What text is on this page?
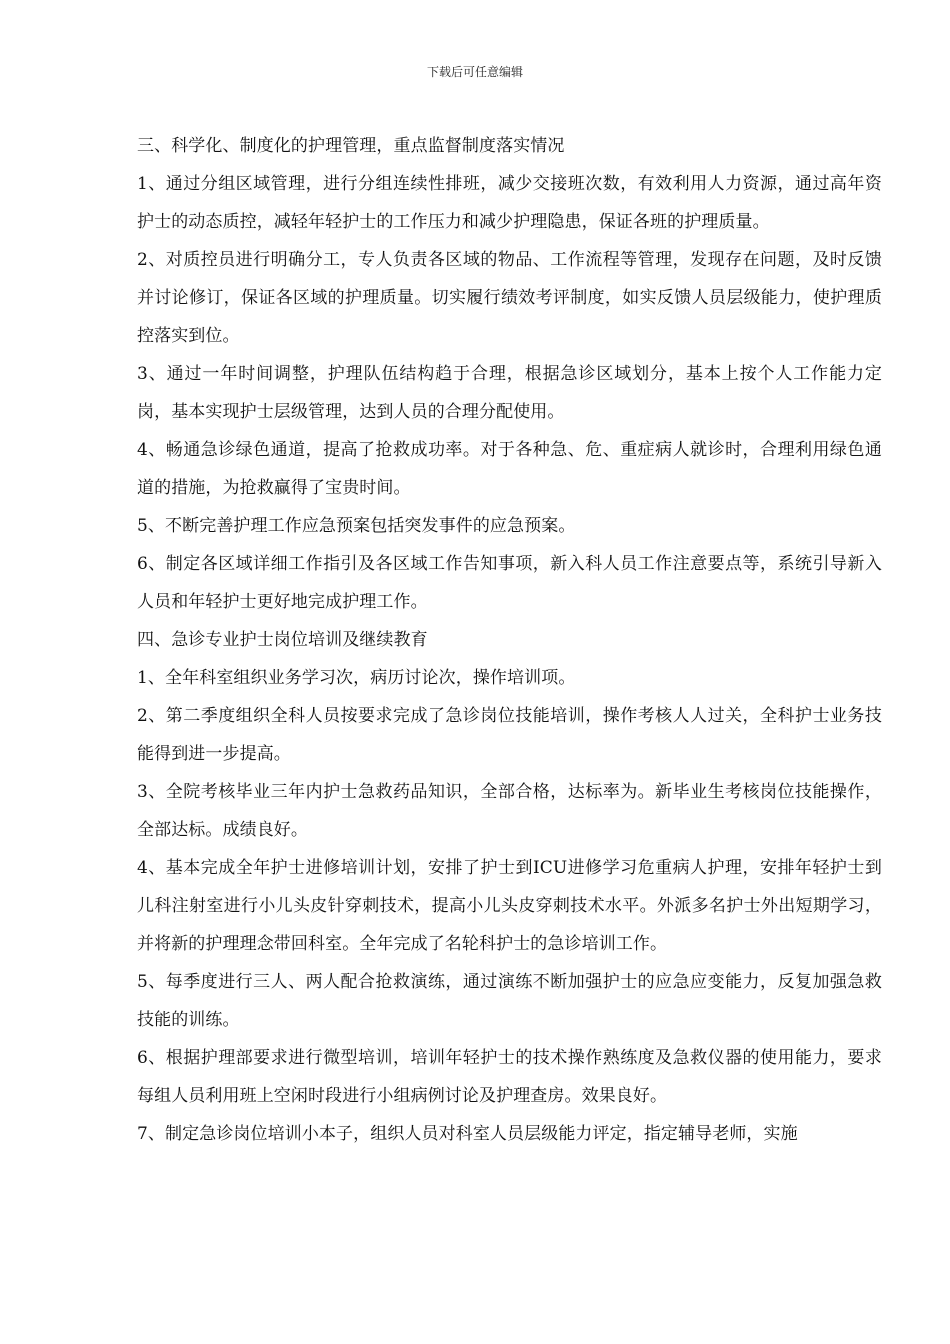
下载后可任意编辑

三、科学化、制度化的护理管理，重点监督制度落实情况

1、通过分组区域管理，进行分组连续性排班，减少交接班次数，有效利用人力资源，通过高年资护士的动态质控，减轻年轻护士的工作压力和减少护理隐患，保证各班的护理质量。

2、对质控员进行明确分工，专人负责各区域的物品、工作流程等管理，发现存在问题，及时反馈并讨论修订，保证各区域的护理质量。切实履行绩效考评制度，如实反馈人员层级能力，使护理质控落实到位。

3、通过一年时间调整，护理队伍结构趋于合理，根据急诊区域划分，基本上按个人工作能力定岗，基本实现护士层级管理，达到人员的合理分配使用。

4、畅通急诊绿色通道，提高了抢救成功率。对于各种急、危、重症病人就诊时，合理利用绿色通道的措施，为抢救赢得了宝贵时间。

5、不断完善护理工作应急预案包括突发事件的应急预案。

6、制定各区域详细工作指引及各区域工作告知事项，新入科人员工作注意要点等，系统引导新入人员和年轻护士更好地完成护理工作。

四、急诊专业护士岗位培训及继续教育

1、全年科室组织业务学习次，病历讨论次，操作培训项。

2、第二季度组织全科人员按要求完成了急诊岗位技能培训，操作考核人人过关，全科护士业务技能得到进一步提高。

3、全院考核毕业三年内护士急救药品知识，全部合格，达标率为。新毕业生考核岗位技能操作，全部达标。成绩良好。

4、基本完成全年护士进修培训计划，安排了护士到ICU进修学习危重病人护理，安排年轻护士到儿科注射室进行小儿头皮针穿刺技术，提高小儿头皮穿刺技术水平。外派多名护士外出短期学习，并将新的护理理念带回科室。全年完成了名轮科护士的急诊培训工作。

5、每季度进行三人、两人配合抢救演练，通过演练不断加强护士的应急应变能力，反复加强急救技能的训练。

6、根据护理部要求进行微型培训，培训年轻护士的技术操作熟练度及急救仪器的使用能力，要求每组人员利用班上空闲时段进行小组病例讨论及护理查房。效果良好。

7、制定急诊岗位培训小本子，组织人员对科室人员层级能力评定，指定辅导老师，实施
